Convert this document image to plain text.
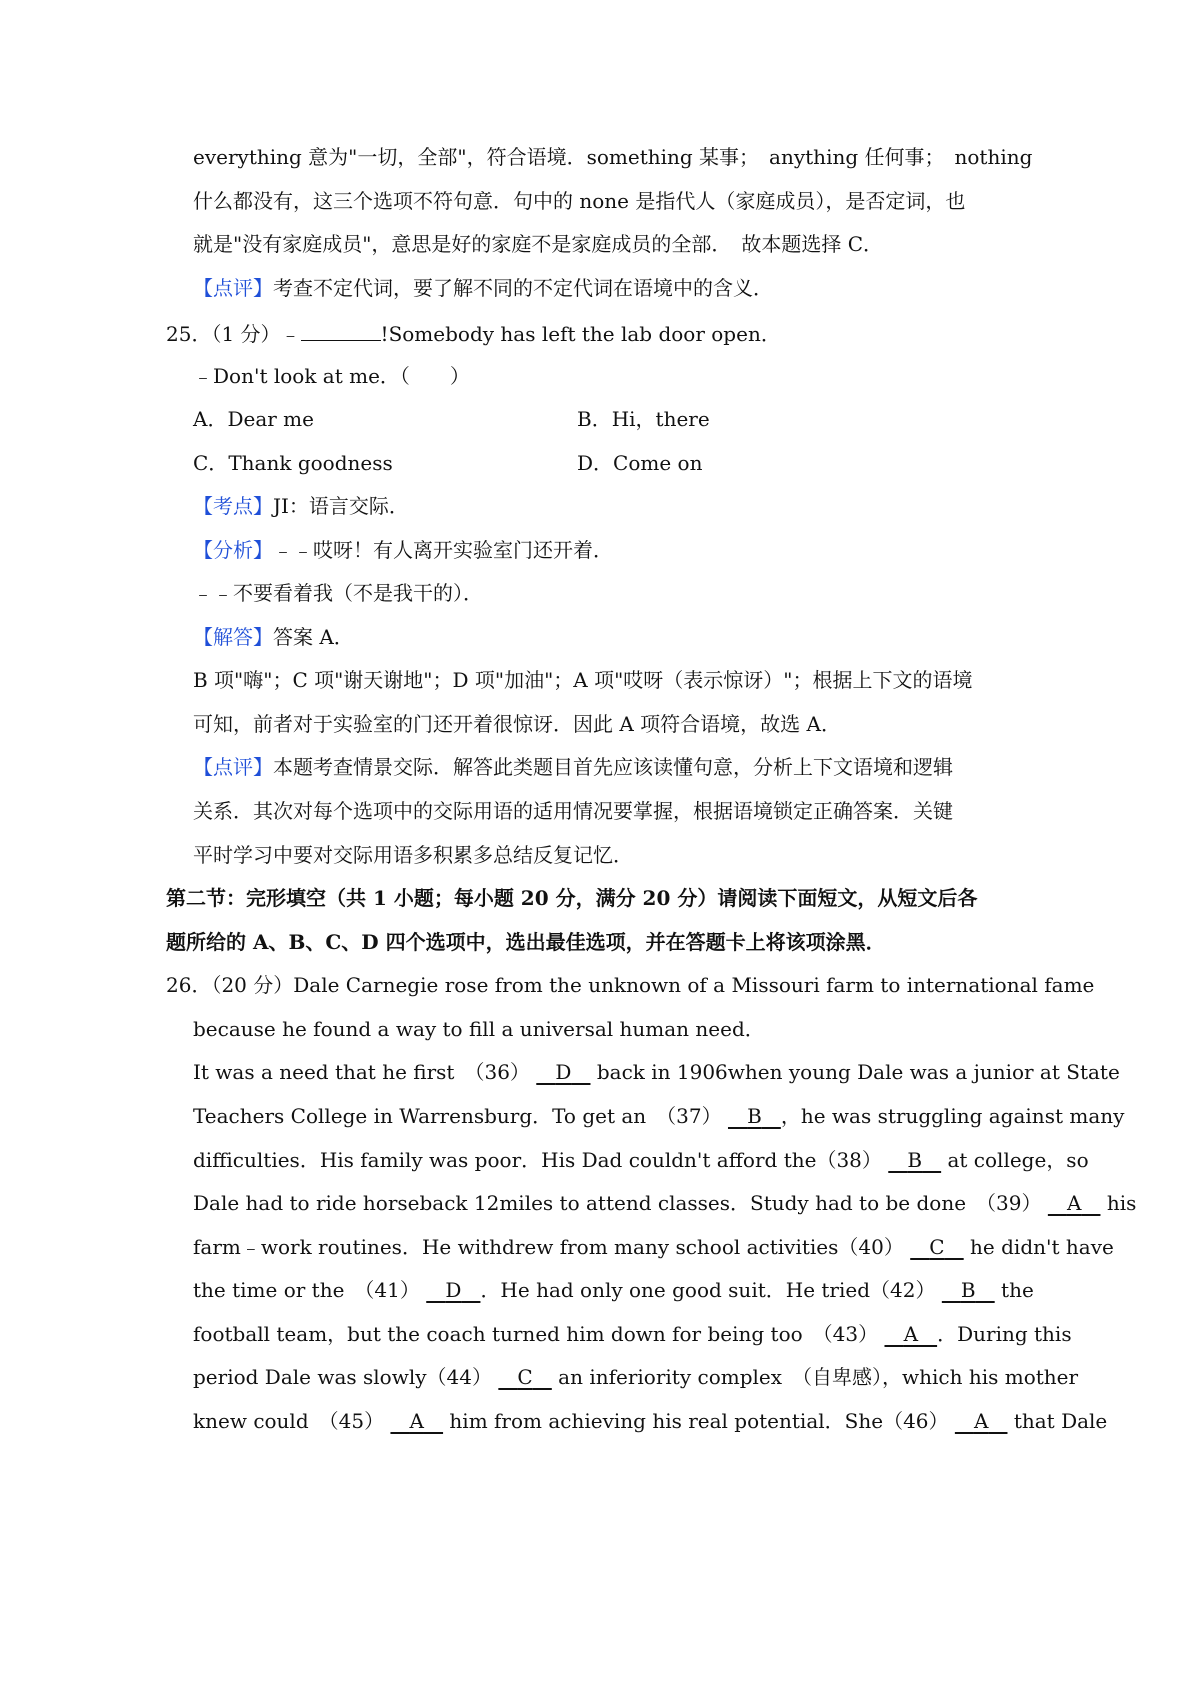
everything 意为"一切，全部"，符合语境．something 某事；　anything 任何事；　nothing
什么都没有，这三个选项不符句意．句中的 none 是指代人（家庭成员），是否定词，也
就是"没有家庭成员"，意思是好的家庭不是家庭成员的全部．　故本题选择 C．
【点评】考查不定代词，要了解不同的不定代词在语境中的含义．
25．（1 分）﹣	!Somebody has left the lab door open．
﹣Don't look at me．（　　）
A．Dear me	B．Hi，there
C．Thank goodness	D．Come on
【考点】JI：语言交际．
【分析】﹣﹣哎呀！有人离开实验室门还开着．
﹣﹣不要看着我（不是我干的）．
【解答】答案 A．
B 项"嗨"；C 项"谢天谢地"；D 项"加油"；A 项"哎呀（表示惊讶）"；根据上下文的语境
可知，前者对于实验室的门还开着很惊讶．因此 A 项符合语境，故选 A．
【点评】本题考查情景交际．解答此类题目首先应该读懂句意，分析上下文语境和逻辑
关系．其次对每个选项中的交际用语的适用情况要掌握，根据语境锁定正确答案．关键
平时学习中要对交际用语多积累多总结反复记忆．
第二节：完形填空（共 1 小题；每小题 20 分，满分 20 分）请阅读下面短文，从短文后各
题所给的 A、B、C、D 四个选项中，选出最佳选项，并在答题卡上将该项涂黑．
26．（20 分）Dale Carnegie rose from the unknown of a Missouri farm to international fame
because he found a way to fill a universal human need．
It was a need that he first　（36） D back in 1906when young Dale was a junior at State
Teachers College in Warrensburg．To get an　（37） B ，he was struggling against many
difficulties．His family was poor．His Dad couldn't afford the（38） B at college，so
Dale had to ride horseback 12miles to attend classes．Study had to be done　（39） A his
farm﹣work routines．He withdrew from many school activities（40） C he didn't have
the time or the　（41） D ．He had only one good suit．He tried（42） B the
football team，but the coach turned him down for being too　（43） A ．During this
period Dale was slowly（44） C an inferiority complex　（自卑感），which his mother
knew could　（45） A him from achieving his real potential．She（46） A that Dale
